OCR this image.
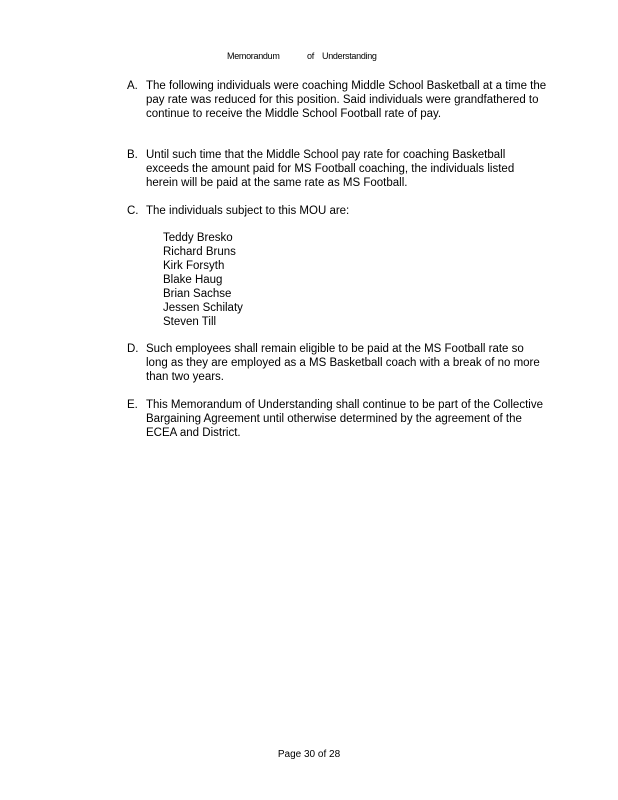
Memorandum	of Understanding
A. The following individuals were coaching Middle School Basketball at a time the pay rate was reduced for this position. Said individuals were grandfathered to continue to receive the Middle School Football rate of pay.
B. Until such time that the Middle School pay rate for coaching Basketball exceeds the amount paid for MS Football coaching, the individuals listed herein will be paid at the same rate as MS Football.
C. The individuals subject to this MOU are:
Teddy Bresko
Richard Bruns
Kirk Forsyth
Blake Haug
Brian Sachse
Jessen Schilaty
Steven Till
D. Such employees shall remain eligible to be paid at the MS Football rate so long as they are employed as a MS Basketball coach with a break of no more than two years.
E. This Memorandum of Understanding shall continue to be part of the Collective Bargaining Agreement until otherwise determined by the agreement of the ECEA and District.
Page 30 of 28
